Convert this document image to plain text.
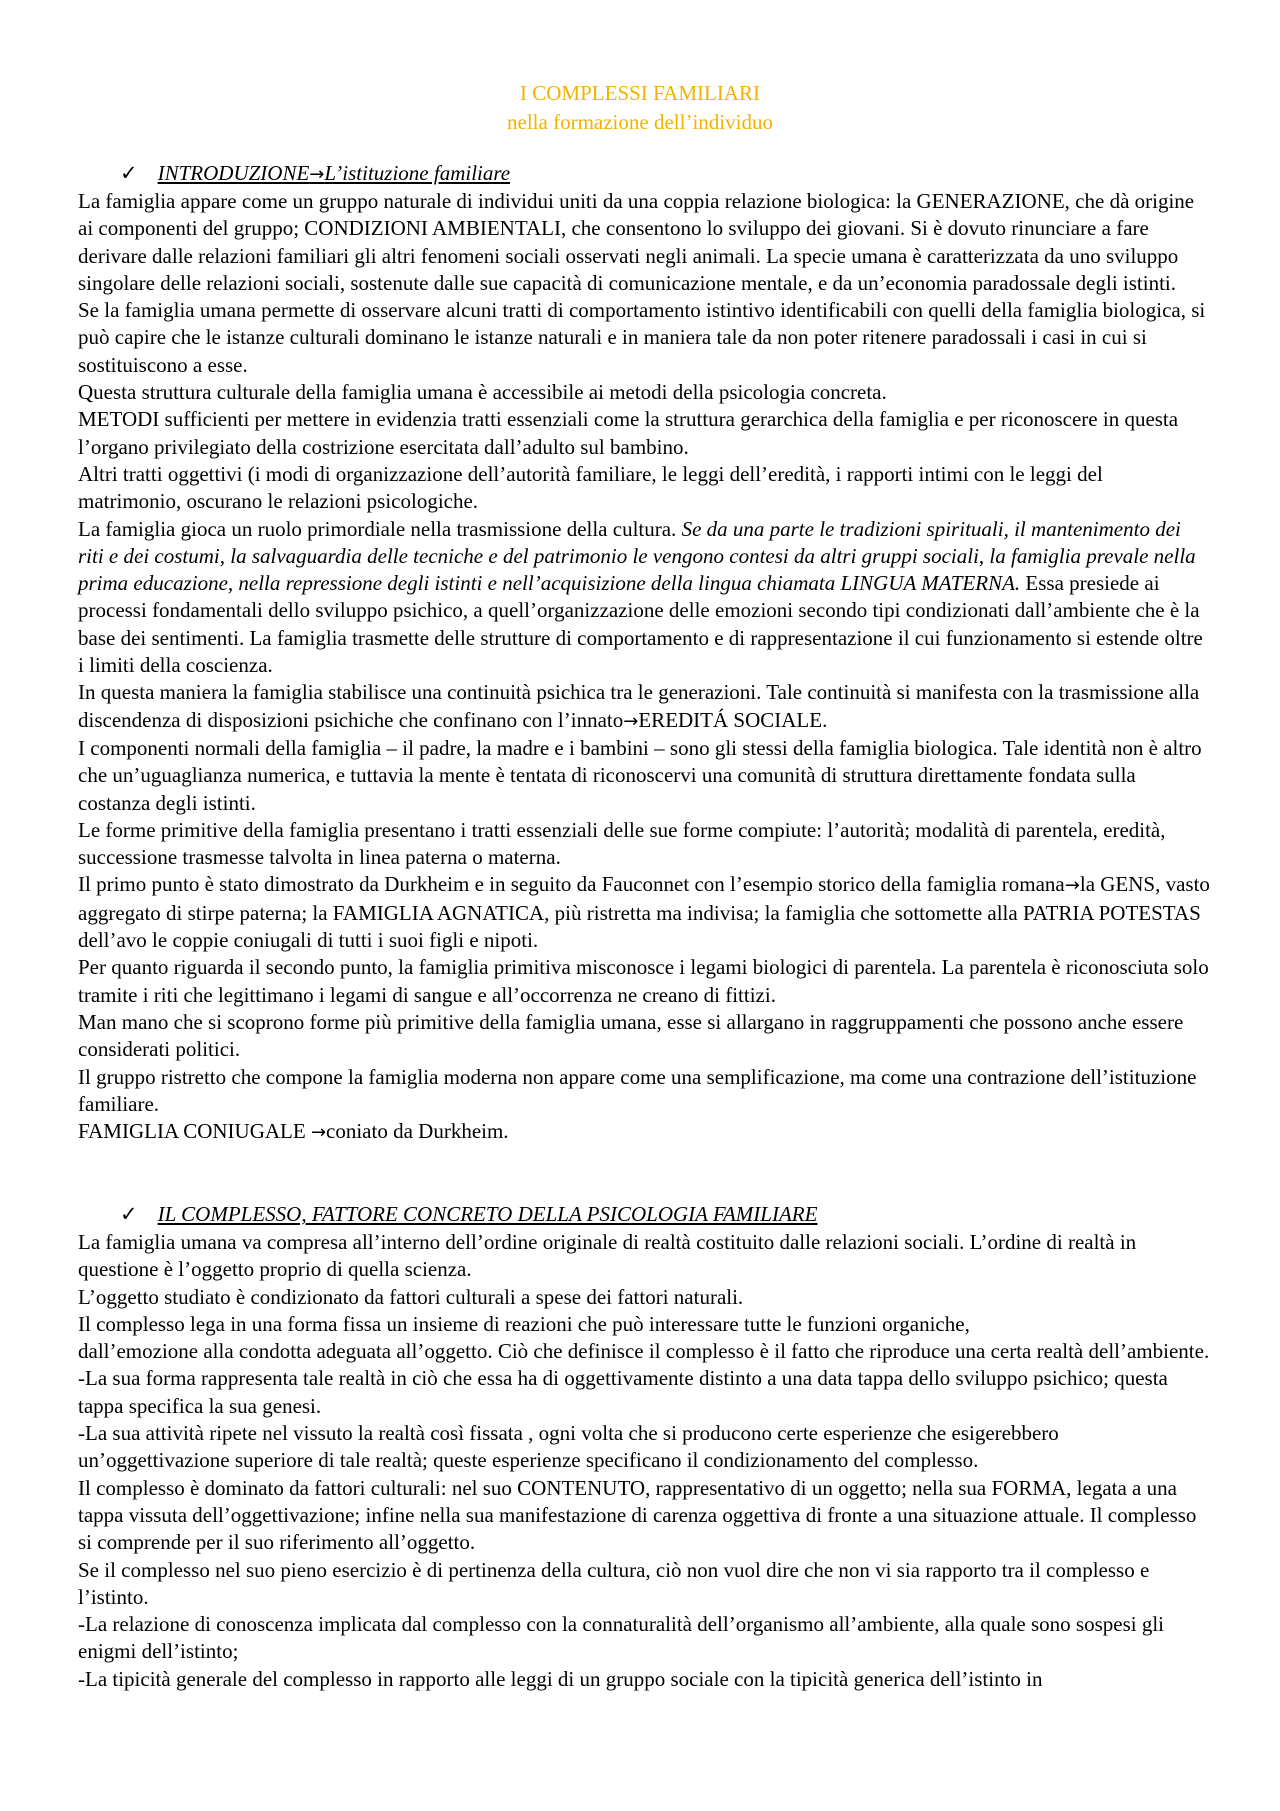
I COMPLESSI FAMILIARI
nella formazione dell’individuo
✓ INTRODUZIONE→L’istituzione familiare

La famiglia appare come un gruppo naturale di individui uniti da una coppia relazione biologica: la GENERAZIONE, che dà origine ai componenti del gruppo; CONDIZIONI AMBIENTALI, che consentono lo sviluppo dei giovani. Si è dovuto rinunciare a fare derivare dalle relazioni familiari gli altri fenomeni sociali osservati negli animali. La specie umana è caratterizzata da uno sviluppo singolare delle relazioni sociali, sostenute dalle sue capacità di comunicazione mentale, e da un’economia paradossale degli istinti.

Se la famiglia umana permette di osservare alcuni tratti di comportamento istintivo identificabili con quelli della famiglia biologica, si può capire che le istanze culturali dominano le istanze naturali e in maniera tale da non poter ritenere paradossali i casi in cui si sostituiscono a esse.

Questa struttura culturale della famiglia umana è accessibile ai metodi della psicologia concreta.

METODI sufficienti per mettere in evidenzia tratti essenziali come la struttura gerarchica della famiglia e per riconoscere in questa l’organo privilegiato della costrizione esercitata dall’adulto sul bambino.

Altri tratti oggettivi (i modi di organizzazione dell’autorità familiare, le leggi dell’eredità, i rapporti intimi con le leggi del matrimonio, oscurano le relazioni psicologiche.

La famiglia gioca un ruolo primordiale nella trasmissione della cultura. Se da una parte le tradizioni spirituali, il mantenimento dei riti e dei costumi, la salvaguardia delle tecniche e del patrimonio le vengono contesi da altri gruppi sociali, la famiglia prevale nella prima educazione, nella repressione degli istinti e nell’acquisizione della lingua chiamata LINGUA MATERNA. Essa presiede ai processi fondamentali dello sviluppo psichico, a quell’organizzazione delle emozioni secondo tipi condizionati dall’ambiente che è la base dei sentimenti. La famiglia trasmette delle strutture di comportamento e di rappresentazione il cui funzionamento si estende oltre i limiti della coscienza.

In questa maniera la famiglia stabilisce una continuità psichica tra le generazioni. Tale continuità si manifesta con la trasmissione alla discendenza di disposizioni psichiche che confinano con l’innato→EREDITÁ SOCIALE.

I componenti normali della famiglia – il padre, la madre e i bambini – sono gli stessi della famiglia biologica. Tale identità non è altro che un’uguaglianza numerica, e tuttavia la mente è tentata di riconoscervi una comunità di struttura direttamente fondata sulla costanza degli istinti.

Le forme primitive della famiglia presentano i tratti essenziali delle sue forme compiute: l’autorità; modalità di parentela, eredità, successione trasmesse talvolta in linea paterna o materna.

Il primo punto è stato dimostrato da Durkheim e in seguito da Fauconnet con l’esempio storico della famiglia romana→la GENS, vasto aggregato di stirpe paterna; la FAMIGLIA AGNATICA, più ristretta ma indivisa; la famiglia che sottomette alla PATRIA POTESTAS dell’avo le coppie coniugali di tutti i suoi figli e nipoti.

Per quanto riguarda il secondo punto, la famiglia primitiva misconosce i legami biologici di parentela. La parentela è riconosciuta solo tramite i riti che legittimano i legami di sangue e all’occorrenza ne creano di fittizi.

Man mano che si scoprono forme più primitive della famiglia umana, esse si allargano in raggruppamenti che possono anche essere considerati politici.

Il gruppo ristretto che compone la famiglia moderna non appare come una semplificazione, ma come una contrazione dell’istituzione familiare.

FAMIGLIA CONIUGALE →coniato da Durkheim.

✓ IL COMPLESSO, FATTORE CONCRETO DELLA PSICOLOGIA FAMILIARE

La famiglia umana va compresa all’interno dell’ordine originale di realtà costituito dalle relazioni sociali. L’ordine di realtà in questione è l’oggetto proprio di quella scienza.

L’oggetto studiato è condizionato da fattori culturali a spese dei fattori naturali.

Il complesso lega in una forma fissa un insieme di reazioni che può interessare tutte le funzioni organiche,

dall’emozione alla condotta adeguata all’oggetto. Ciò che definisce il complesso è il fatto che riproduce una certa realtà dell’ambiente.

-La sua forma rappresenta tale realtà in ciò che essa ha di oggettivamente distinto a una data tappa dello sviluppo psichico; questa tappa specifica la sua genesi.

-La sua attività ripete nel vissuto la realtà così fissata , ogni volta che si producono certe esperienze che esigerebbero un’oggettivazione superiore di tale realtà; queste esperienze specificano il condizionamento del complesso.

Il complesso è dominato da fattori culturali: nel suo CONTENUTO, rappresentativo di un oggetto; nella sua FORMA, legata a una tappa vissuta dell’oggettivazione; infine nella sua manifestazione di carenza oggettiva di fronte a una situazione attuale. Il complesso si comprende per il suo riferimento all’oggetto.

Se il complesso nel suo pieno esercizio è di pertinenza della cultura, ciò non vuol dire che non vi sia rapporto tra il complesso e l’istinto.

-La relazione di conoscenza implicata dal complesso con la connaturalità dell’organismo all’ambiente, alla quale sono sospesi gli enigmi dell’istinto;

-La tipicità generale del complesso in rapporto alle leggi di un gruppo sociale con la tipicità generica dell’istinto in
